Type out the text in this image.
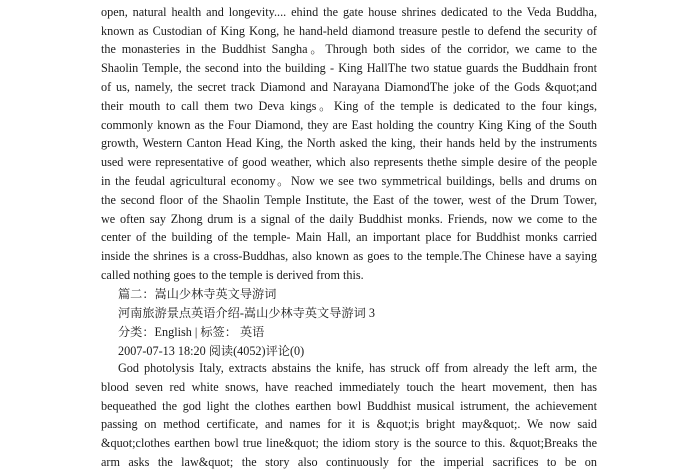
open, natural health and longevity.... ehind the gate house shrines dedicated to the Veda Buddha,
known as Custodian of King Kong, he hand-held diamond treasure pestle to defend the security of
the monasteries in the Buddhist Sangha。Through both sides of the corridor, we came to the
Shaolin Temple, the second into the building - King HallThe two statue guards the Buddhain front
of us, namely, the secret track Diamond and Narayana DiamondThe joke of the Gods &quot;and
their mouth to call them two Deva kings。King of the temple is dedicated to the four kings,
commonly known as the Four Diamond, they are East holding the country King King of the South
growth, Western Canton Head King, the North asked the king, their hands held by the instruments
used were representative of good weather, which also represents thethe simple desire of the people
in the feudal agricultural economy。Now we see two symmetrical buildings, bells and drums on
the second floor of the Shaolin Temple Institute, the East of the tower, west of the Drum Tower,
we often say Zhong drum is a signal of the daily Buddhist monks. Friends, now we come to the
center of the building of the temple- Main Hall, an important place for Buddhist monks carried
inside the shrines is a cross-Buddhas, also known as goes to the temple.The Chinese have a saying
called nothing goes to the temple is derived from this.
篇二：嵩山少林寺英文导游词
河南旅游景点英语介绍-嵩山少林寺英文导游词 3
分类：English | 标签： 英语
2007-07-13 18:20 阅读(4052)评论(0)
God photolysis Italy, extracts abstains the knife, has struck off from already the left arm, the
blood seven red white snows, have reached immediately touch the heart movement, then has
bequeathed the god light the clothes earthen bowl Buddhist musical istrument, the achievement
passing on method certificate, and names for it is &quot;is bright may&quot;. We now said
&quot;clothes earthen bowl true line&quot; the idiom story is the source to this. &quot;Breaks the
arm asks the law&quot; the story also continuously for the imperial sacrifices to be on
